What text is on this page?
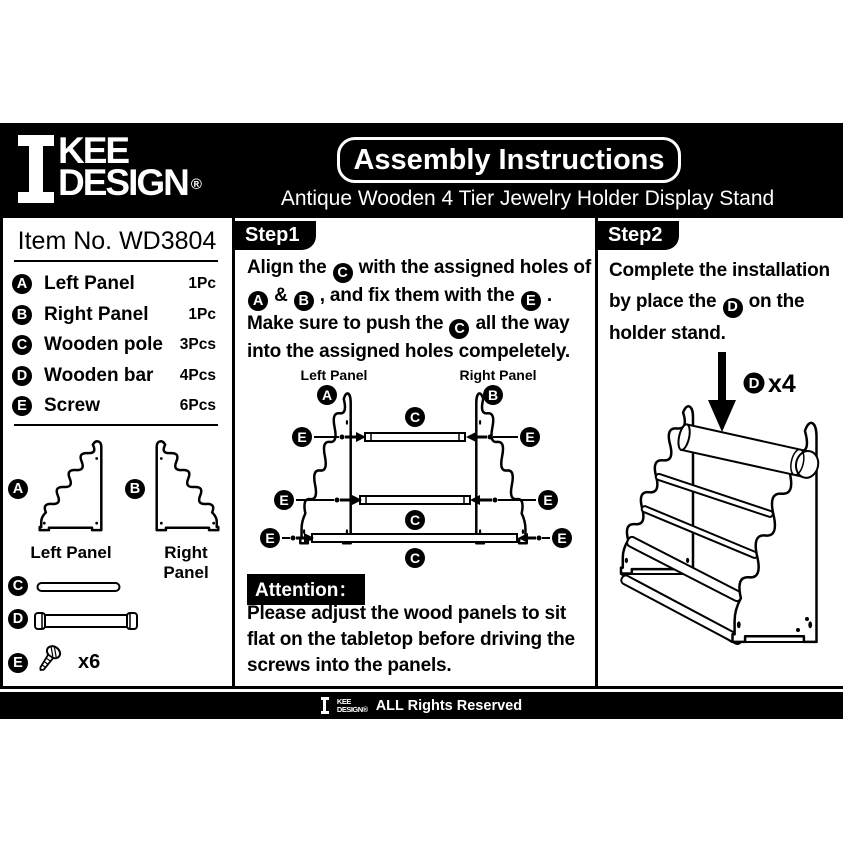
KEE
DESIGN ®
Assembly Instructions
Antique Wooden 4 Tier Jewelry Holder Display Stand
Item No. WD3804
A Left Panel	1Pc
B Right Panel	1Pc
C Wooden pole	3Pcs
D Wooden bar	4Pcs
E Screw	6Pcs
A	B
Left Panel	Right Panel
C
D
E	x6
Step1
Align the C with the assigned holes of A & B , and fix them with the E . Make sure to push the C all the way into the assigned holes compeletely.
Left Panel	Right Panel
A	B
C
C
C
E
E
E
E
E
E
Attention：
Please adjust the wood panels to sit flat on the tabletop before driving the screws into the panels.
Step2
Complete the installation by place the D on the holder stand.
D x4
KEE
DESIGN® ALL Rights Reserved
